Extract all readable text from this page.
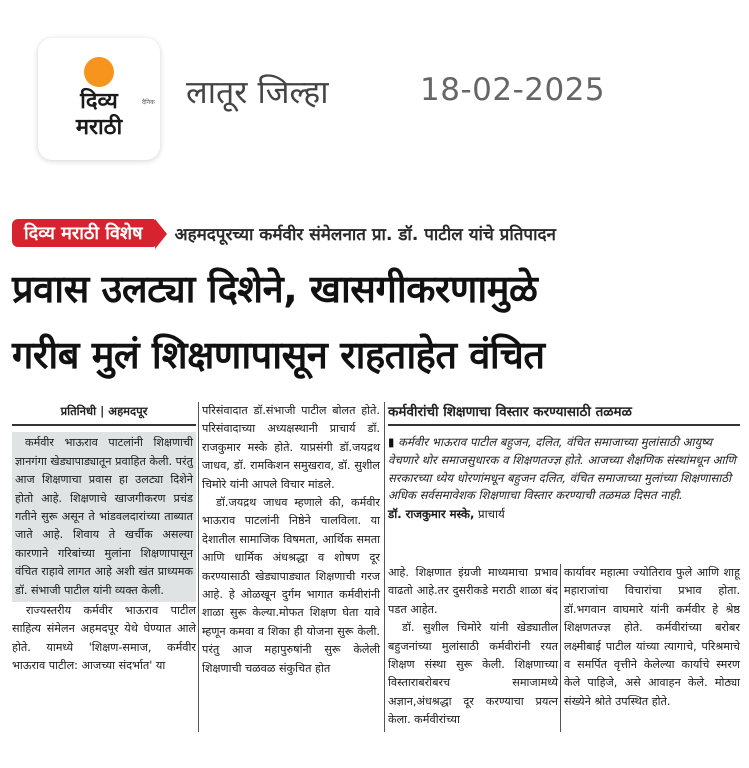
दिव्य
मराठी
दैनिक लातूर जिल्हा	18-02-2025
दिव्य मराठी विशेष	अहमदपूरच्या कर्मवीर संमेलनात प्रा. डॉ. पाटील यांचे प्रतिपादन
प्रवास उलट्या दिशेने, खासगीकरणामुळे
गरीब मुलं शिक्षणापासून राहताहेत वंचित
प्रतिनिधी | अहमदपूर

कर्मवीर भाऊराव पाटलांनी शिक्षणाची ज्ञानगंगा खेड्यापाड्यातून प्रवाहित केली. परंतु आज शिक्षणाचा प्रवास हा उलट्या दिशेने होतो आहे. शिक्षणाचे खाजगीकरण प्रचंड गतीने सुरू असून ते भांडवलदारांच्या ताब्यात जाते आहे. शिवाय ते खर्चीक असल्या कारणाने गरिबांच्या मुलांना शिक्षणापासून वंचित राहावे लागत आहे अशी खंत प्राध्यमक डॉ. संभाजी पाटील यांनी व्यक्त केली.

राज्यस्तरीय कर्मवीर भाऊराव पाटील साहित्य संमेलन अहमदपूर येथे घेण्यात आले होते. यामध्ये 'शिक्षण-समाज, कर्मवीर भाऊराव पाटील: आजच्या संदर्भात' या

परिसंवादात डॉ.संभाजी पाटील बोलत होते. परिसंवादाच्या अध्यक्षस्थानी प्राचार्य डॉ. राजकुमार मस्के होते. याप्रसंगी डॉ.जयद्रथ जाधव, डॉ. रामकिशन समुखराव, डॉ. सुशील चिमोरे यांनी आपले विचार मांडले.

डॉ.जयद्रथ जाधव म्हणाले की, कर्मवीर भाऊराव पाटलांनी निष्ठेने चालविला. या देशातील सामाजिक विषमता, आर्थिक समता आणि धार्मिक अंधश्रद्धा व शोषण दूर करण्यासाठी खेड्यापाड्यात शिक्षणाची गरज आहे. हे ओळखून दुर्गम भागात कर्मवीरांनी शाळा सुरू केल्या.मोफत शिक्षण घेता यावे म्हणून कमवा व शिका ही योजना सुरू केली. परंतु आज महापुरुषांनी सुरू केलेली शिक्षणाची चळवळ संकुचित होत

कर्मवीरांची शिक्षणाचा विस्तार करण्यासाठी तळमळ
▮ कर्मवीर भाऊराव पाटील बहुजन, दलित, वंचित समाजाच्या मुलांसाठी आयुष्य वेचणारे थोर समाजसुधारक व शिक्षणतज्ज्ञ होते. आजच्या शैक्षणिक संस्थांमधून आणि सरकारच्या ध्येय धोरणांमधून बहुजन दलित, वंचित समाजाच्या मुलांच्या शिक्षणासाठी अधिक सर्वसमावेशक शिक्षणाचा विस्तार करण्याची तळमळ दिसत नाही.
डॉ. राजकुमार मस्के, प्राचार्य

आहे. शिक्षणात इंग्रजी माध्यमाचा प्रभाव वाढतो आहे.तर दुसरीकडे मराठी शाळा बंद पडत आहेत.

डॉ. सुशील चिमोरे यांनी खेड्यातील बहुजनांच्या मुलांसाठी कर्मवीरांनी रयत शिक्षण संस्था सुरू केली. शिक्षणाच्या विस्ताराबरोबरच समाजामध्ये अज्ञान,अंधश्रद्धा दूर करण्याचा प्रयत्न केला. कर्मवीरांच्या

कार्यावर महात्मा ज्योतिराव फुले आणि शाहू महाराजांचा विचारांचा प्रभाव होता. डॉ.भगवान वाघमारे यांनी कर्मवीर हे श्रेष्ठ शिक्षणतज्ज्ञ होते. कर्मवीरांच्या बरोबर लक्ष्मीबाई पाटील यांच्या त्यागाचे, परिश्रमाचे व समर्पित वृत्तीने केलेल्या कार्याचे स्मरण केले पाहिजे, असे आवाहन केले. मोठ्या संख्येने श्रोते उपस्थित होते.
